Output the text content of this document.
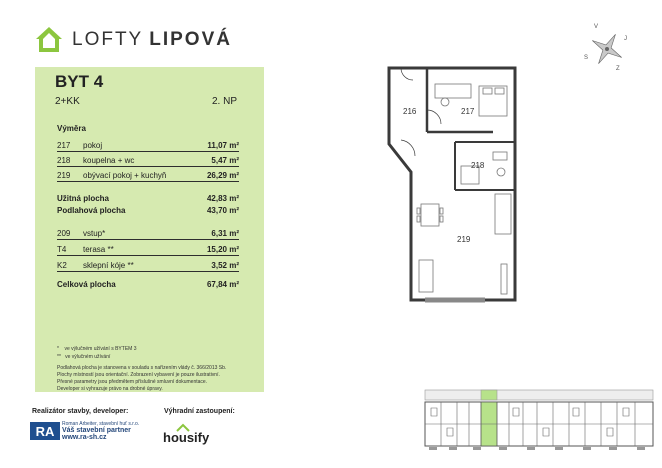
LOFTY LIPOVÁ
BYT 4
2+KK	2. NP
Výměra
217	pokoj	11,07 m²
218	koupelna + wc	5,47 m²
219	obývací pokoj + kuchyň	26,29 m²
Užitná plocha	42,83 m²
Podlahová plocha	43,70 m²
209	vstup*	6,31 m²
T4	terasa **	15,20 m²
K2	sklepní kóje **	3,52 m²
Celková plocha	67,84 m²
* ve výlučném užívání s BYTEM 3
** ve výlučném užívání
Podlahová plocha je stanovena v souladu s nařízením vlády č. 366/2013 Sb.
Plochy místností jsou orientační. Zobrazení vybavení je pouze ilustrativní.
Přesné parametry jsou předmětem příslušné smluvní dokumentace.
Developer si vyhrazuje právo na drobné úpravy.
Realizátor stavby, developer:
RA Roman Arbeiter, stavební huť s.r.o.
Váš stavební partner
www.ra-sh.cz
Výhradní zastoupení:
housify
V
J
Z
S
216	217
218
219
